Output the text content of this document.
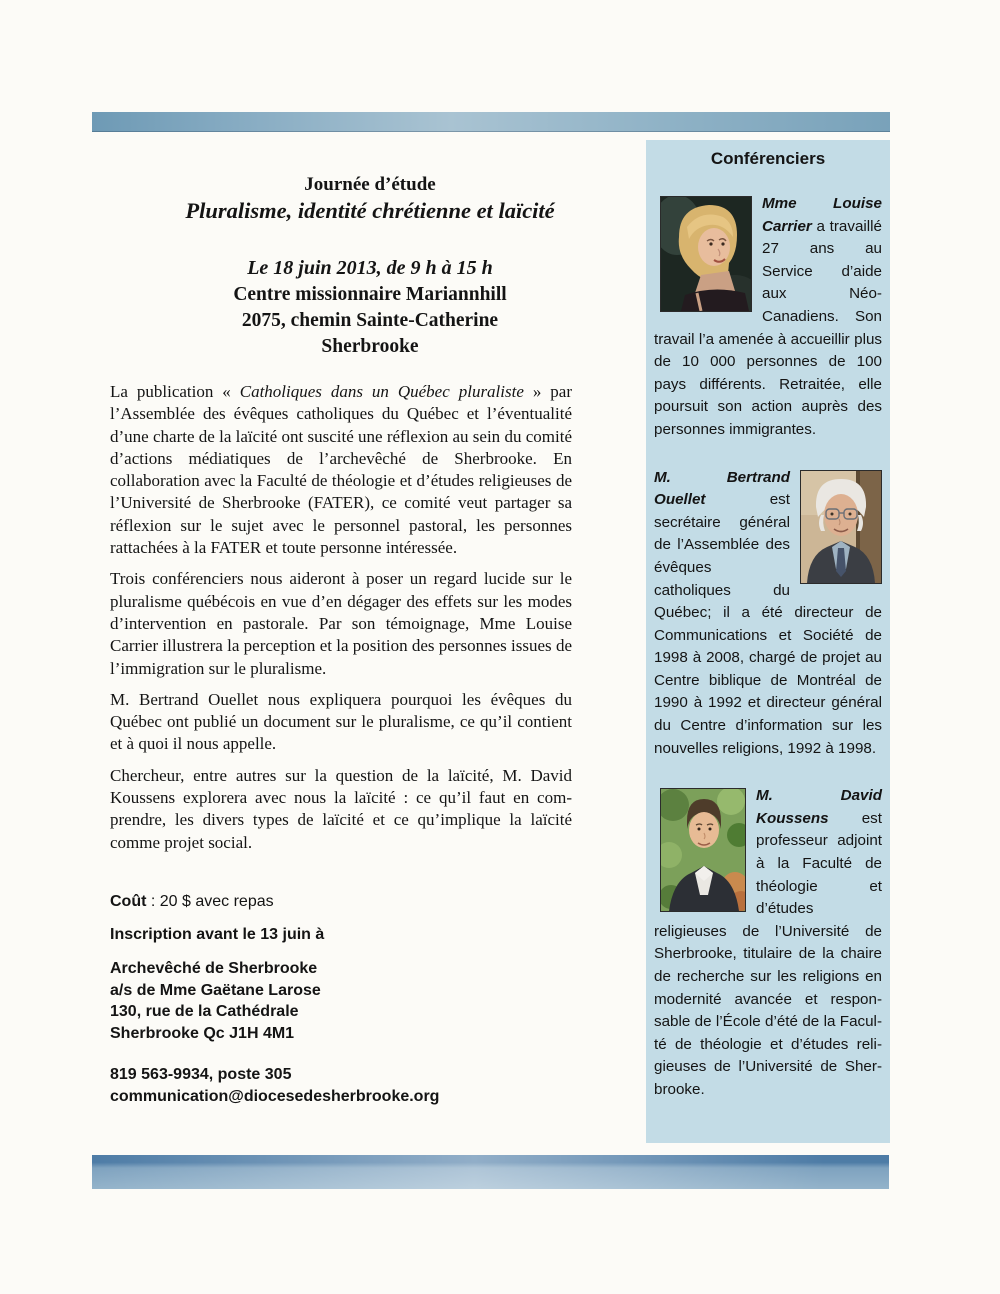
Journée d’étude
Pluralisme, identité chrétienne et laïcité
Le 18 juin 2013, de 9 h à 15 h
Centre missionnaire Mariannhill
2075, chemin Sainte-Catherine
Sherbrooke

La publication « Catholiques dans un Québec pluraliste » par l’Assemblée des évêques catholiques du Québec et l’éventualité d’une charte de la laïcité ont suscité une réflexion au sein du comité d’actions médiatiques de l’archevêché de Sherbrooke. En collaboration avec la Faculté de théologie et d’études religieuses de l’Université de Sherbrooke (FATER), ce comité veut partager sa réflexion sur le sujet avec le personnel pastoral, les personnes rattachées à la FATER et toute personne intéressée.

Trois conférenciers nous aideront à poser un regard lucide sur le pluralisme québécois en vue d’en dégager des effets sur les modes d’intervention en pastorale. Par son témoignage, Mme Louise Carrier illustrera la perception et la position des personnes issues de l’immigration sur le pluralisme.

M. Bertrand Ouellet nous expliquera pourquoi les évêques du Québec ont publié un document sur le pluralisme, ce qu’il contient et à quoi il nous appelle.

Chercheur, entre autres sur la question de la laïcité, M. David Koussens explorera avec nous la laïcité : ce qu’il faut en comprendre, les divers types de laïcité et ce qu’implique la laïcité comme projet social.

Coût : 20 $ avec repas
Inscription avant le 13 juin à
Archevêché de Sherbrooke
a/s de Mme Gaëtane Larose
130, rue de la Cathédrale
Sherbrooke Qc J1H 4M1
819 563-9934, poste 305
communication@diocesedesherbrooke.org
Conférenciers

Mme Louise Carrier a travaillé 27 ans au Service d’aide aux Néo-Canadiens. Son travail l’a amenée à accueillir plus de 10 000 personnes de 100 pays différents. Retraitée, elle poursuit son action auprès des personnes immigrantes.

M. Bertrand Ouellet	est secrétaire général de l’Assemblée des évêques catholiques du Québec; il a été directeur de Communications et Société de 1998 à 2008, chargé de projet au Centre biblique de Montréal de 1990 à 1992 et directeur général du Centre d’information sur les nouvelles religions, 1992 à 1998.

M. David Koussens est professeur adjoint à la Faculté de théologie et d’études religieuses de l’Université de Sherbrooke, titulaire de la chaire de recherche sur les religions en modernité avancée et responsable de l’École d’été de la Faculté de théologie et d’études religieuses de l’Université de Sherbrooke.
